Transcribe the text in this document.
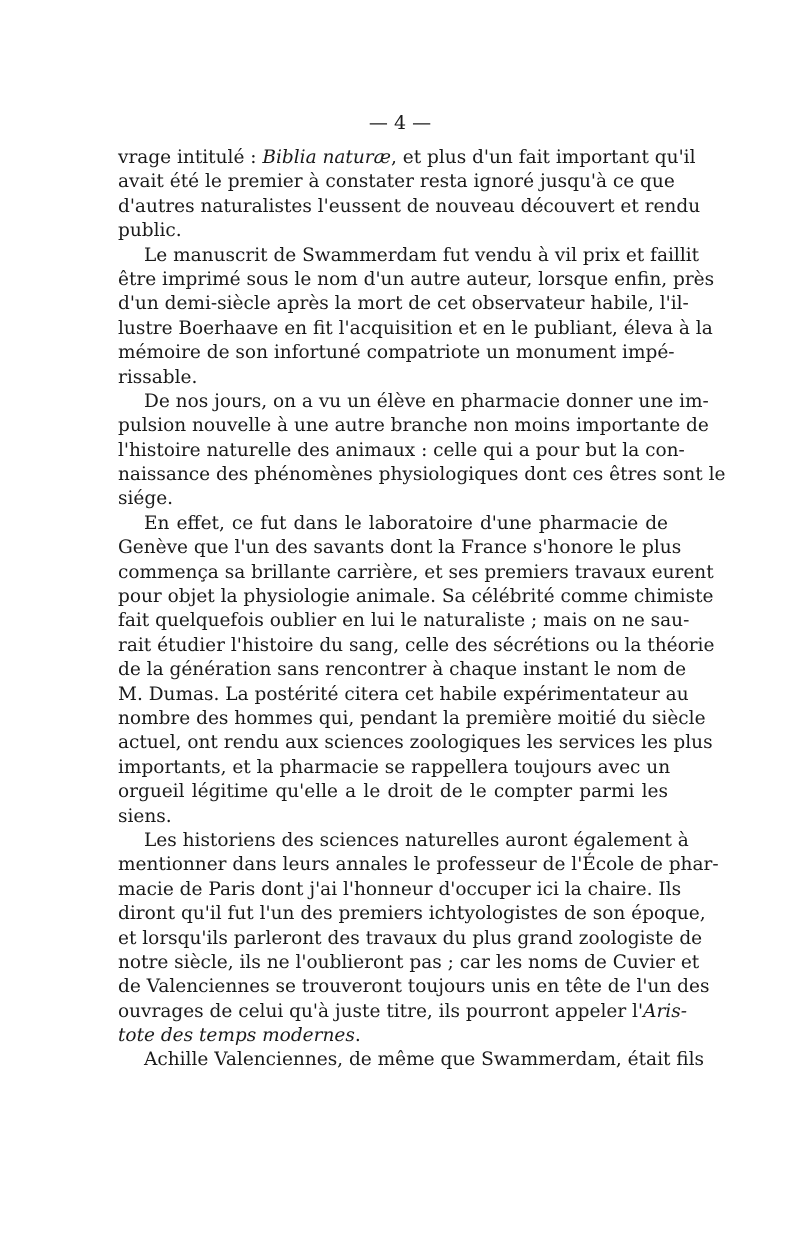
— 4 —
vrage intitulé : Biblia naturæ, et plus d'un fait important qu'il
avait été le premier à constater resta ignoré jusqu'à ce que
d'autres naturalistes l'eussent de nouveau découvert et rendu
public.
Le manuscrit de Swammerdam fut vendu à vil prix et faillit
être imprimé sous le nom d'un autre auteur, lorsque enfin, près
d'un demi-siècle après la mort de cet observateur habile, l'il-
lustre Boerhaave en fit l'acquisition et en le publiant, éleva à la
mémoire de son infortuné compatriote un monument impé-
rissable.
De nos jours, on a vu un élève en pharmacie donner une im-
pulsion nouvelle à une autre branche non moins importante de
l'histoire naturelle des animaux : celle qui a pour but la con-
naissance des phénomènes physiologiques dont ces êtres sont le
siége.
En effet, ce fut dans le laboratoire d'une pharmacie de
Genève que l'un des savants dont la France s'honore le plus
commença sa brillante carrière, et ses premiers travaux eurent
pour objet la physiologie animale. Sa célébrité comme chimiste
fait quelquefois oublier en lui le naturaliste ; mais on ne sau-
rait étudier l'histoire du sang, celle des sécrétions ou la théorie
de la génération sans rencontrer à chaque instant le nom de
M. Dumas. La postérité citera cet habile expérimentateur au
nombre des hommes qui, pendant la première moitié du siècle
actuel, ont rendu aux sciences zoologiques les services les plus
importants, et la pharmacie se rappellera toujours avec un
orgueil légitime qu'elle a le droit de le compter parmi les
siens.
Les historiens des sciences naturelles auront également à
mentionner dans leurs annales le professeur de l'École de phar-
macie de Paris dont j'ai l'honneur d'occuper ici la chaire. Ils
diront qu'il fut l'un des premiers ichtyologistes de son époque,
et lorsqu'ils parleront des travaux du plus grand zoologiste de
notre siècle, ils ne l'oublieront pas ; car les noms de Cuvier et
de Valenciennes se trouveront toujours unis en tête de l'un des
ouvrages de celui qu'à juste titre, ils pourront appeler l'Aris-
tote des temps modernes.
Achille Valenciennes, de même que Swammerdam, était fils
